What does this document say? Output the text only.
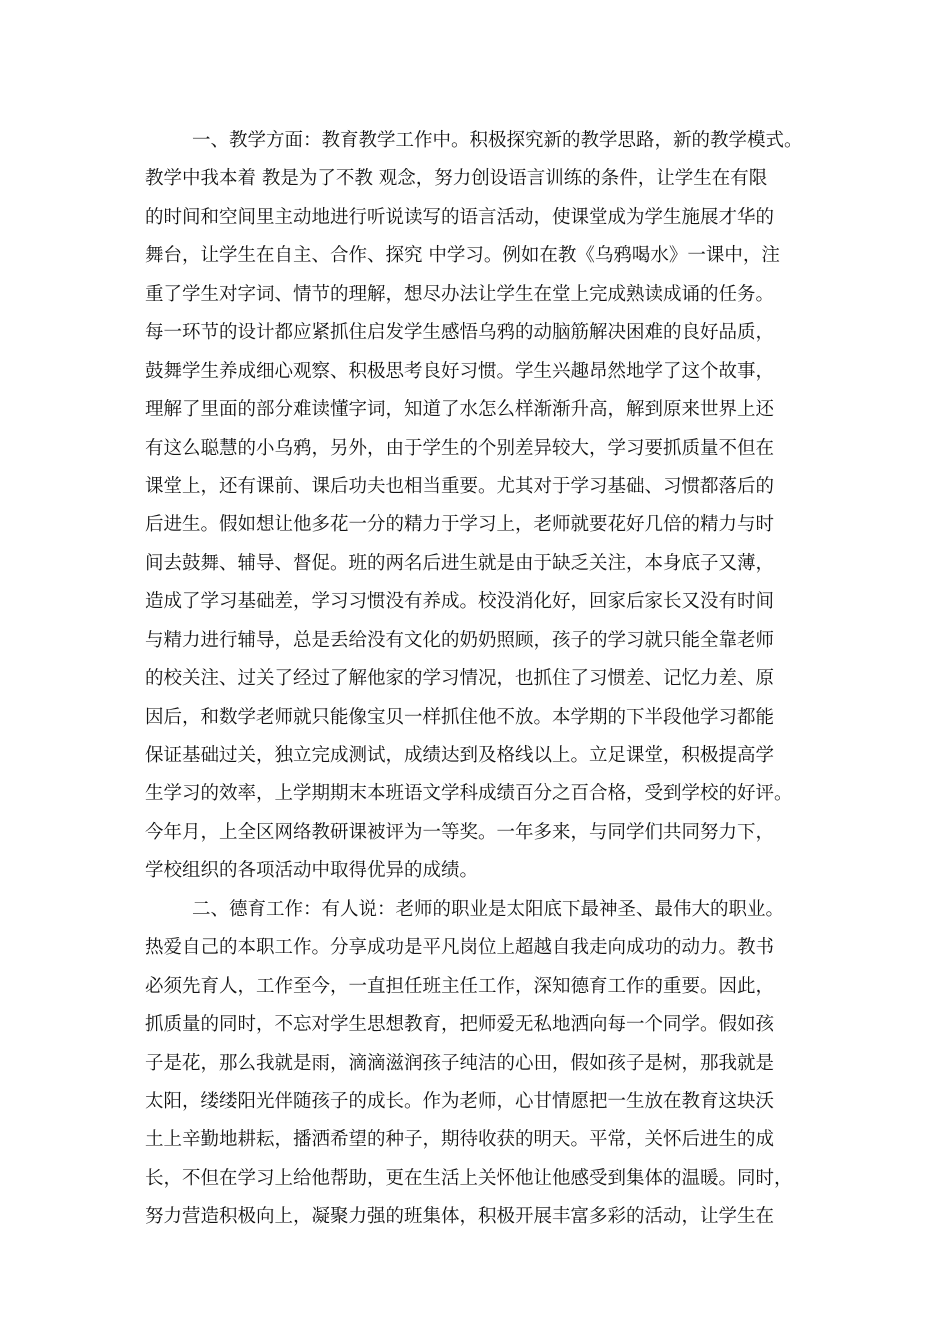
一、教学方面：教育教学工作中。积极探究新的教学思路，新的教学模式。
教学中我本着 教是为了不教 观念，努力创设语言训练的条件，让学生在有限
的时间和空间里主动地进行听说读写的语言活动，使课堂成为学生施展才华的
舞台，让学生在自主、合作、探究 中学习。例如在教《乌鸦喝水》一课中，注
重了学生对字词、情节的理解，想尽办法让学生在堂上完成熟读成诵的任务。
每一环节的设计都应紧抓住启发学生感悟乌鸦的动脑筋解决困难的良好品质，
鼓舞学生养成细心观察、积极思考良好习惯。学生兴趣昂然地学了这个故事，
理解了里面的部分难读懂字词，知道了水怎么样渐渐升高，解到原来世界上还
有这么聪慧的小乌鸦，另外，由于学生的个别差异较大，学习要抓质量不但在
课堂上，还有课前、课后功夫也相当重要。尤其对于学习基础、习惯都落后的
后进生。假如想让他多花一分的精力于学习上，老师就要花好几倍的精力与时
间去鼓舞、辅导、督促。班的两名后进生就是由于缺乏关注，本身底子又薄，
造成了学习基础差，学习习惯没有养成。校没消化好，回家后家长又没有时间
与精力进行辅导，总是丢给没有文化的奶奶照顾，孩子的学习就只能全靠老师
的校关注、过关了经过了解他家的学习情况，也抓住了习惯差、记忆力差、原
因后，和数学老师就只能像宝贝一样抓住他不放。本学期的下半段他学习都能
保证基础过关，独立完成测试，成绩达到及格线以上。立足课堂，积极提高学
生学习的效率，上学期期末本班语文学科成绩百分之百合格，受到学校的好评。
今年月，上全区网络教研课被评为一等奖。一年多来，与同学们共同努力下，
学校组织的各项活动中取得优异的成绩。
二、德育工作：有人说：老师的职业是太阳底下最神圣、最伟大的职业。
热爱自己的本职工作。分享成功是平凡岗位上超越自我走向成功的动力。教书
必须先育人，工作至今，一直担任班主任工作，深知德育工作的重要。因此，
抓质量的同时，不忘对学生思想教育，把师爱无私地洒向每一个同学。假如孩
子是花，那么我就是雨，滴滴滋润孩子纯洁的心田，假如孩子是树，那我就是
太阳，缕缕阳光伴随孩子的成长。作为老师，心甘情愿把一生放在教育这块沃
土上辛勤地耕耘，播洒希望的种子，期待收获的明天。平常，关怀后进生的成
长，不但在学习上给他帮助，更在生活上关怀他让他感受到集体的温暖。同时，
努力营造积极向上，凝聚力强的班集体，积极开展丰富多彩的活动，让学生在
